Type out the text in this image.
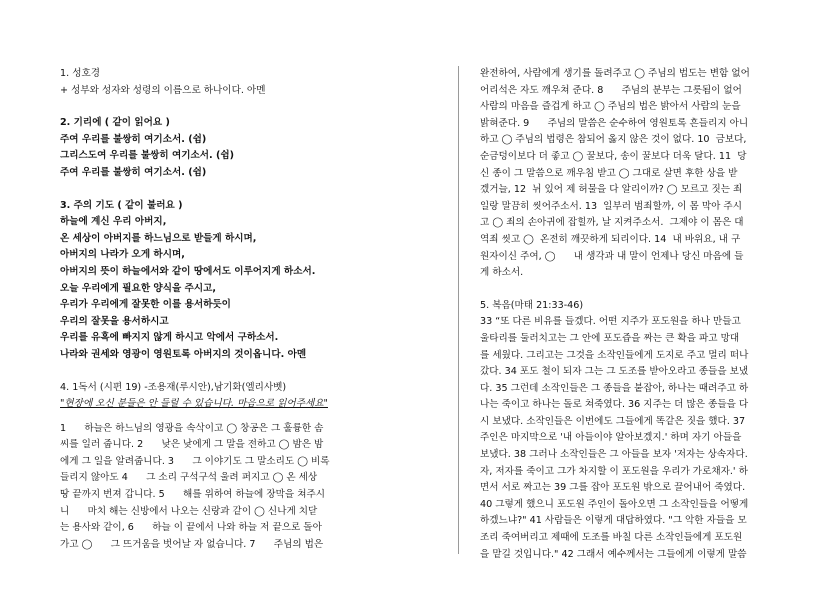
1. 성호경
+ 성부와 성자와 성령의 이름으로 하나이다. 아멘
2. 기리에 ( 같이 읽어요 )
주여 우리를 불쌍히 여기소서. (쉼)
그리스도여 우리를 불쌍히 여기소서. (쉼)
주여 우리를 불쌍히 여기소서. (쉼)
3. 주의 기도 ( 같이 불러요 )
하늘에 계신 우리 아버지,
온 세상이 아버지를 하느님으로 받들게 하시며,
아버지의 나라가 오게 하시며,
아버지의 뜻이 하늘에서와 같이 땅에서도 이루어지게 하소서.
오늘 우리에게 필요한 양식을 주시고,
우리가 우리에게 잘못한 이를 용서하듯이
우리의 잘못을 용서하시고
우리를 유혹에 빠지지 않게 하시고 악에서 구하소서.
나라와 권세와 영광이 영원토록 아버지의 것이옵니다. 아멘
4. 1독서 (시편 19) -조용재(루시안),남기화(엘리사벳)
"현장에 오신 분들은 안 들릴 수 있습니다. 마음으로 읽어주세요"
1      하늘은 하느님의 영광을 속삭이고 ◯ 창공은 그 훌륭한 솜
씨를 일러 줍니다. 2      낮은 낮에게 그 말을 전하고 ◯ 밤은 밤
에게 그 일을 알려줍니다. 3      그 이야기도 그 말소리도 ◯ 비록
들리지 않아도 4      그 소리 구석구석 울려 퍼지고 ◯ 온 세상
땅 끝까지 번져 갑니다. 5      해를 위하여 하늘에 장막을 쳐주시
니      마치 해는 신방에서 나오는 신랑과 같이 ◯ 신나게 치닫
는 용사와 같이, 6      하늘 이 끝에서 나와 하늘 저 끝으로 돌아
가고 ◯      그 뜨거움을 벗어날 자 없습니다. 7      주님의 법은
완전하여, 사람에게 생기를 돌려주고 ◯ 주님의 법도는 변함 없어
어리석은 자도 깨우쳐 준다. 8      주님의 분부는 그릇됨이 없어
사람의 마음을 즐겁게 하고 ◯ 주님의 법은 밝아서 사람의 눈을
밝혀준다. 9      주님의 말씀은 순수하여 영원토록 흔들리지 아니
하고 ◯ 주님의 법령은 참되어 옳지 않은 것이 없다. 10  금보다,
순금덩이보다 더 좋고 ◯ 꿀보다, 송이 꿀보다 더욱 달다. 11  당
신 종이 그 말씀으로 깨우침 받고 ◯ 그대로 살면 후한 상을 받
겠거늘, 12  뉘 있어 제 허물을 다 알리이까? ◯ 모르고 짓는 죄
일랑 말끔히 씻어주소서. 13  일부러 범죄할까, 이 몸 막아 주시
고 ◯ 죄의 손아귀에 잡힐까, 날 지켜주소서.  그제야 이 몸은 대
역죄 씻고 ◯  온전히 깨끗하게 되리이다. 14  내 바위요, 내 구
원자이신 주여, ◯      내 생각과 내 말이 언제나 당신 마음에 들
게 하소서.
5. 복음(마태 21:33-46)
33 “또 다른 비유를 들겠다. 어떤 지주가 포도원을 하나 만들고
울타리를 둘러치고는 그 안에 포도즙을 짜는 큰 확을 파고 망대
를 세웠다. 그리고는 그것을 소작인들에게 도지로 주고 멀리 떠나
갔다. 34 포도 철이 되자 그는 그 도조를 받아오라고 종들을 보냈
다. 35 그런데 소작인들은 그 종들을 붙잡아, 하나는 때려주고 하
나는 죽이고 하나는 돌로 쳐죽였다. 36 지주는 더 많은 종들을 다
시 보냈다. 소작인들은 이번에도 그들에게 똑같은 짓을 했다. 37
주인은 마지막으로 '내 아들이야 알아보겠지.' 하며 자기 아들을
보냈다. 38 그러나 소작인들은 그 아들을 보자 '저자는 상속자다.
자, 저자를 죽이고 그가 차지할 이 포도원을 우리가 가로채자.' 하
면서 서로 짜고는 39 그를 잡아 포도원 밖으로 끌어내어 죽였다.
40 그렇게 했으니 포도원 주인이 돌아오면 그 소작인들을 어떻게
하겠느냐?" 41 사람들은 이렇게 대답하였다. "그 악한 자들을 모
조리 죽여버리고 제때에 도조를 바칠 다른 소작인들에게 포도원
을 맡길 것입니다." 42 그래서 예수께서는 그들에게 이렇게 말씀
